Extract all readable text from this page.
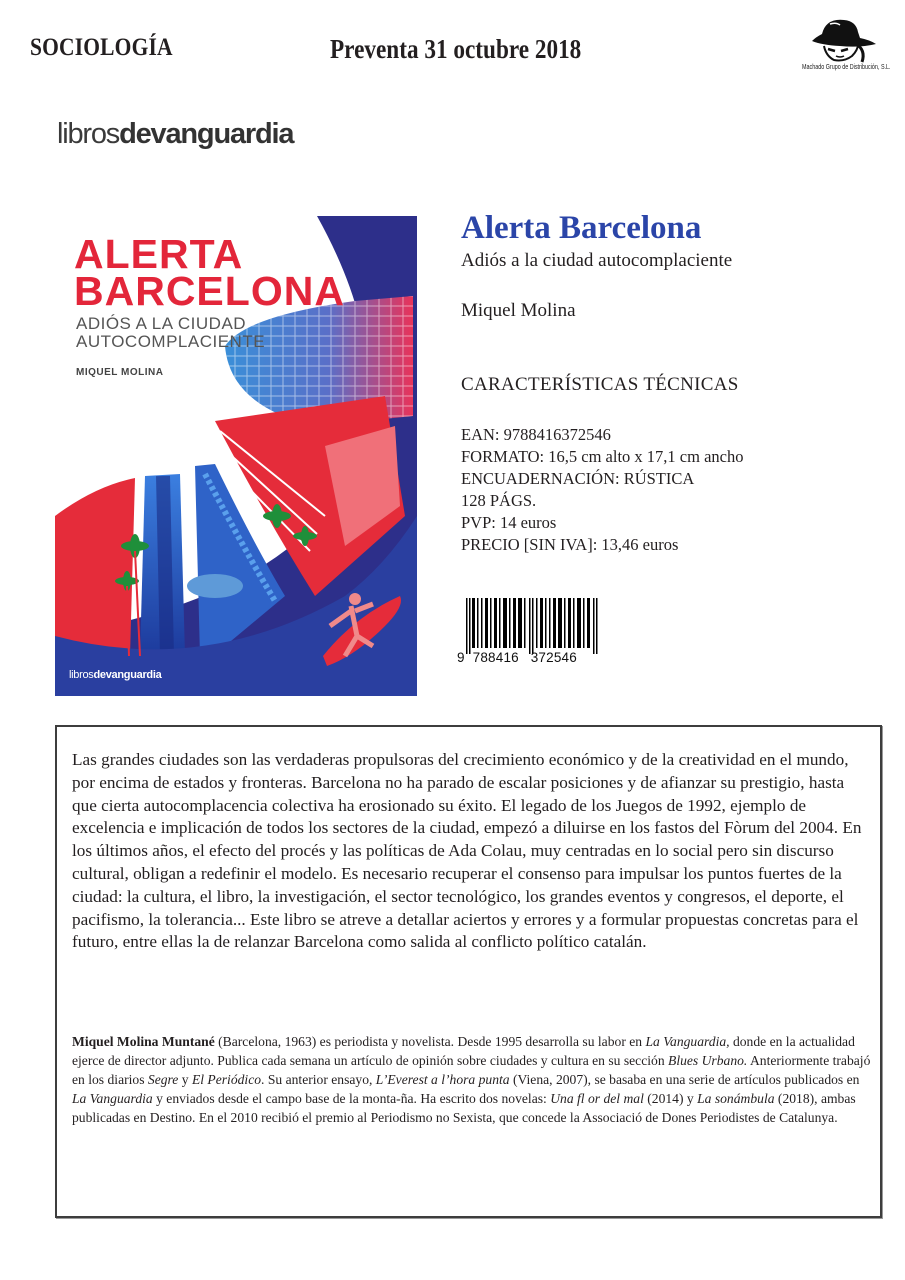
SOCIOLOGÍA	Preventa 31 octubre 2018
Machado Grupo de Distribución, S.L.
librosdevanguardia
ALERTA
BARCELONA
ADIÓS A LA CIUDAD
AUTOCOMPLACIENTE
MIQUEL MOLINA
librosdevanguardia
Alerta Barcelona
Adiós a la ciudad autocomplaciente
Miquel Molina
CARACTERÍSTICAS TÉCNICAS
EAN: 9788416372546
FORMATO: 16,5 cm alto x 17,1 cm ancho
ENCUADERNACIÓN: RÚSTICA
128 PÁGS.
PVP: 14 euros
PRECIO [SIN IVA]: 13,46 euros
9  788416   372546

Las grandes ciudades son las verdaderas propulsoras del crecimiento económico y de la creatividad en el mundo, por encima de estados y fronteras. Barcelona no ha parado de escalar posiciones y de afianzar su prestigio, hasta que cierta autocomplacencia colectiva ha erosionado su éxito. El legado de los Juegos de 1992, ejemplo de excelencia e implicación de todos los sectores de la ciudad, empezó a diluirse en los fastos del Fòrum del 2004. En los últimos años, el efecto del procés y las políticas de Ada Colau, muy centradas en lo social pero sin discurso cultural, obligan a redefinir el modelo. Es necesario recuperar el consenso para impulsar los puntos fuertes de la ciudad: la cultura, el libro, la investigación, el sector tecnológico, los grandes eventos y congresos, el deporte, el pacifismo, la tolerancia... Este libro se atreve a detallar aciertos y errores y a formular propuestas concretas para el futuro, entre ellas la de relanzar Barcelona como salida al conflicto político catalán.

Miquel Molina Muntané (Barcelona, 1963) es periodista y novelista. Desde 1995 desarrolla su labor en La Vanguardia, donde en la actualidad ejerce de director adjunto. Publica cada semana un artículo de opinión sobre ciudades y cultura en su sección Blues Urbano. Anteriormente trabajó en los diarios Segre y El Periódico. Su anterior ensayo, L’Everest a l’hora punta (Viena, 2007), se basaba en una serie de artículos publicados en La Vanguardia y enviados desde el campo base de la monta-ña. Ha escrito dos novelas: Una fl or del mal (2014) y La sonámbula (2018), ambas publicadas en Destino. En el 2010 recibió el premio al Periodismo no Sexista, que concede la Associació de Dones Periodistes de Catalunya.
